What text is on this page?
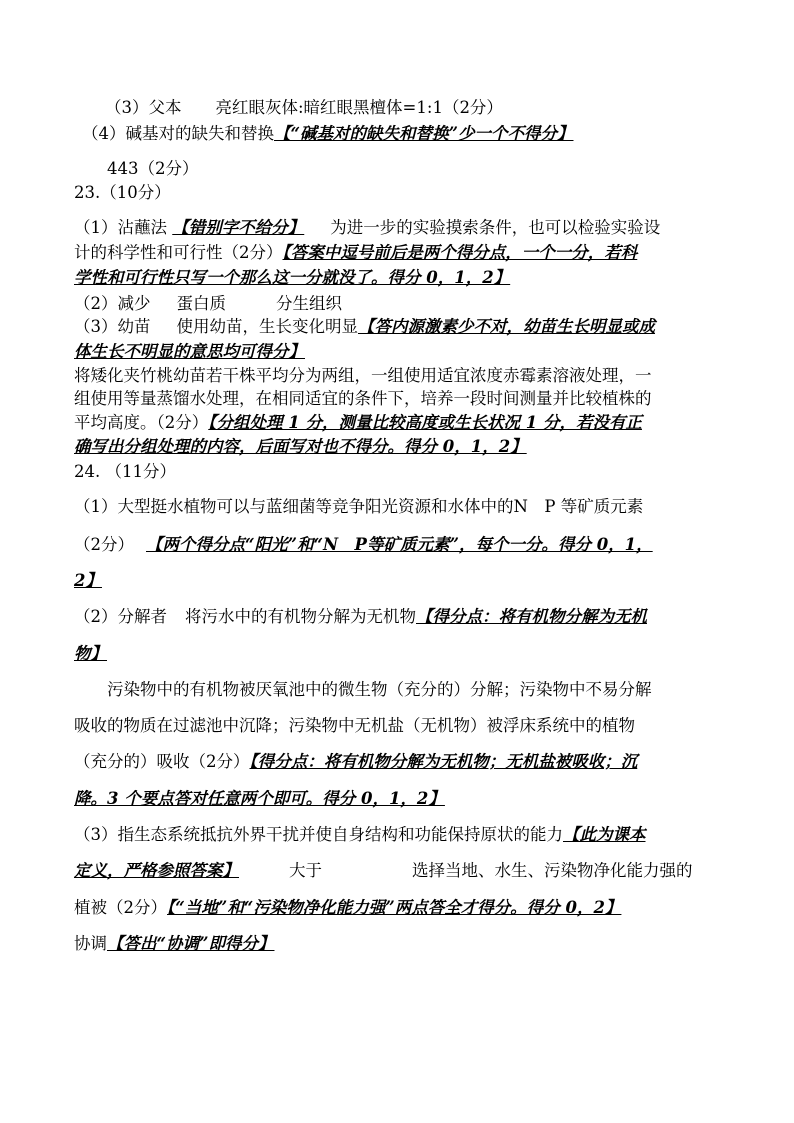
（3）父本 亮红眼灰体:暗红眼黑檀体=1:1（2分）
（4）碱基对的缺失和替换【“碱基对的缺失和替换”少一个不得分】
443（2分）
23.（10分）
（1）沾蘸法 【错别字不给分】 为进一步的实验摸索条件，也可以检验实验设
计的科学性和可行性（2分）【答案中逗号前后是两个得分点，一个一分，若科
学性和可行性只写一个那么这一分就没了。得分 0，1，2】
（2）减少 蛋白质	分生组织
（3）幼苗 使用幼苗，生长变化明显【答内源激素少不对，幼苗生长明显或成
体生长不明显的意思均可得分】
将矮化夹竹桃幼苗若干株平均分为两组，一组使用适宜浓度赤霉素溶液处理，一
组使用等量蒸馏水处理，在相同适宜的条件下，培养一段时间测量并比较植株的
平均高度。（2分）【分组处理 1 分，测量比较高度或生长状况 1 分，若没有正
确写出分组处理的内容，后面写对也不得分。得分 0，1，2】
24. （11分）
（1）大型挺水植物可以与蓝细菌等竞争阳光资源和水体中的N　P 等矿质元素
（2分） 【两个得分点“阳光”和“N　P等矿质元素”，每个一分。得分 0，1，
2】
（2）分解者 将污水中的有机物分解为无机物【得分点：将有机物分解为无机
物】
污染物中的有机物被厌氧池中的微生物（充分的）分解；污染物中不易分解
吸收的物质在过滤池中沉降；污染物中无机盐（无机物）被浮床系统中的植物
（充分的）吸收（2分）【得分点：将有机物分解为无机物；无机盐被吸收；沉
降。3 个要点答对任意两个即可。得分 0，1，2】
（3）指生态系统抵抗外界干扰并使自身结构和功能保持原状的能力【此为课本
定义，严格参照答案】	大于	选择当地、水生、污染物净化能力强的
植被（2分）【“当地”和“污染物净化能力强”两点答全才得分。得分 0，2】
协调【答出“协调”即得分】
